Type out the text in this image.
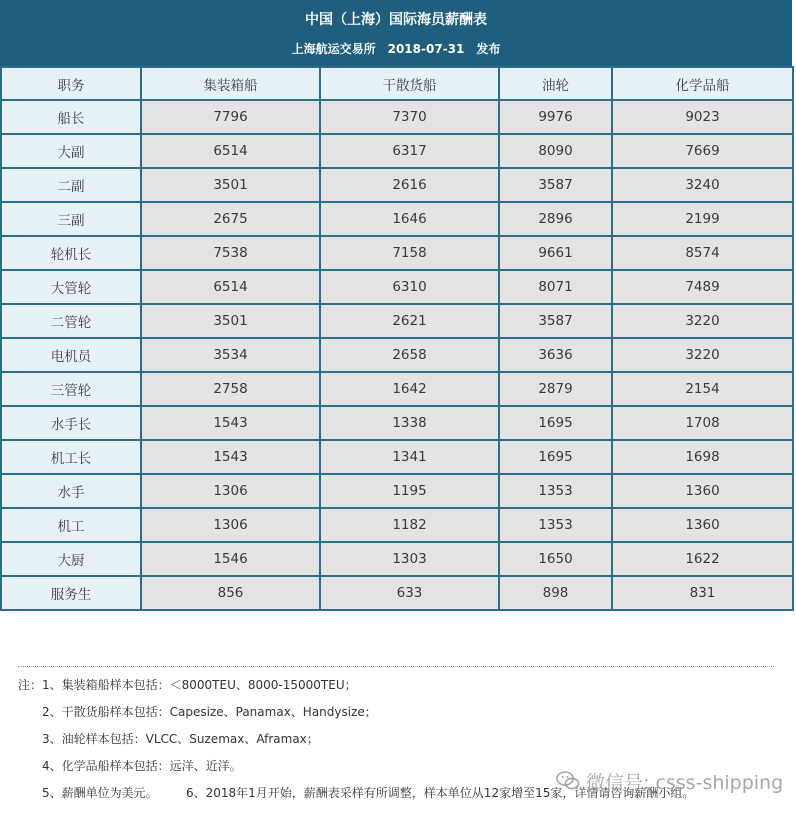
中国（上海）国际海员薪酬表
上海航运交易所　2018-07-31　发布
职务	集装箱船	干散货船	油轮	化学品船
船长	7796	7370	9976	9023
大副	6514	6317	8090	7669
二副	3501	2616	3587	3240
三副	2675	1646	2896	2199
轮机长	7538	7158	9661	8574
大管轮	6514	6310	8071	7489
二管轮	3501	2621	3587	3220
电机员	3534	2658	3636	3220
三管轮	2758	1642	2879	2154
水手长	1543	1338	1695	1708
机工长	1543	1341	1695	1698
水手	1306	1195	1353	1360
机工	1306	1182	1353	1360
大厨	1546	1303	1650	1622
服务生	856	633	898	831
注：1、集装箱船样本包括：＜8000TEU、8000-15000TEU；
2、干散货船样本包括：Capesize、Panamax、Handysize；
3、油轮样本包括：VLCC、Suzemax、Aframax；
4、化学品船样本包括：远洋、近洋。
5、薪酬单位为美元。 6、2018年1月开始，薪酬表采样有所调整，样本单位从12家增至15家，详情请咨询薪酬小组。
微信号: csss-shipping
